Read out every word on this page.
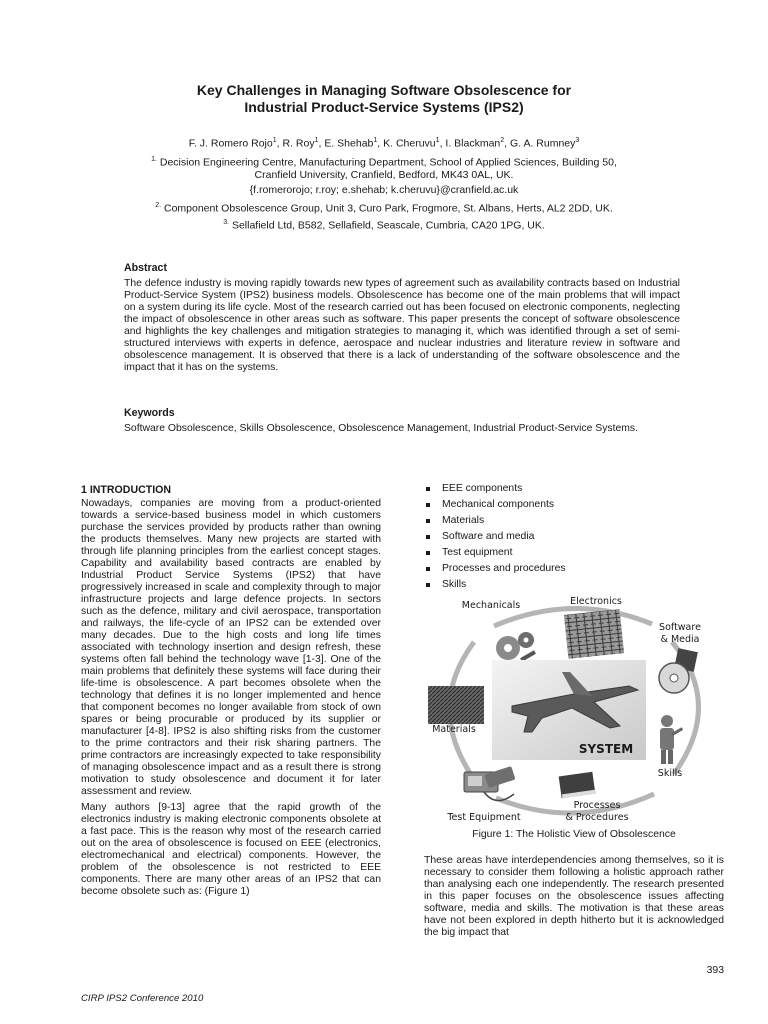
Key Challenges in Managing Software Obsolescence for
Industrial Product-Service Systems (IPS2)

F. J. Romero Rojo$^1$, R. Roy$^1$, E. Shehab$^1$, K. Cheruvu$^1$, I. Blackman$^2$, G. A. Rumney$^3$

$^{1.}$ Decision Engineering Centre, Manufacturing Department, School of Applied Sciences, Building 50,

Cranfield University, Cranfield, Bedford, MK43 0AL, UK.

{f.romerorojo; r.roy; e.shehab; k.cheruvu}@cranfield.ac.uk

$^{2.}$ Component Obsolescence Group, Unit 3, Curo Park, Frogmore, St. Albans, Herts, AL2 2DD, UK.

$^{3.}$ Sellafield Ltd, B582, Sellafield, Seascale, Cumbria, CA20 1PG, UK.

Abstract

The defence industry is moving rapidly towards new types of agreement such as availability contracts based on Industrial Product-Service System (IPS2) business models. Obsolescence has become one of the main problems that will impact on a system during its life cycle. Most of the research carried out has been focused on electronic components, neglecting the impact of obsolescence in other areas such as software. This paper presents the concept of software obsolescence and highlights the key challenges and mitigation strategies to managing it, which was identified through a set of semi-structured interviews with experts in defence, aerospace and nuclear industries and literature review in software and obsolescence management. It is observed that there is a lack of understanding of the software obsolescence and the impact that it has on the systems.

Keywords

Software Obsolescence, Skills Obsolescence, Obsolescence Management, Industrial Product-Service Systems.

1 INTRODUCTION

Nowadays, companies are moving from a product-oriented towards a service-based business model in which customers purchase the services provided by products rather than owning the products themselves. Many new projects are started with through life planning principles from the earliest concept stages. Capability and availability based contracts are enabled by Industrial Product Service Systems (IPS2) that have progressively increased in scale and complexity through to major infrastructure projects and large defence projects. In sectors such as the defence, military and civil aerospace, transportation and railways, the life-cycle of an IPS2 can be extended over many decades. Due to the high costs and long life times associated with technology insertion and design refresh, these systems often fall behind the technology wave [1-3]. One of the main problems that definitely these systems will face during their life-time is obsolescence. A part becomes obsolete when the technology that defines it is no longer implemented and hence that component becomes no longer available from stock of own spares or being procurable or produced by its supplier or manufacturer [4-8]. IPS2 is also shifting risks from the customer to the prime contractors and their risk sharing partners. The prime contractors are increasingly expected to take responsibility of managing obsolescence impact and as a result there is strong motivation to study obsolescence and document it for later assessment and review.

Many authors [9-13] agree that the rapid growth of the electronics industry is making electronic components obsolete at a fast pace. This is the reason why most of the research carried out on the area of obsolescence is focused on EEE (electronics, electromechanical and electrical) components. However, the problem of the obsolescence is not restricted to EEE components. There are many other areas of an IPS2 that can become obsolete such as: (Figure 1)

EEE components
Mechanical components
Materials
Software and media
Test equipment
Processes and procedures
Skills

These areas have interdependencies among themselves, so it is necessary to consider them following a holistic approach rather than analysing each one independently. The research presented in this paper focuses on the obsolescence issues affecting software, media and skills. The motivation is that these areas have not been explored in depth hitherto but it is acknowledged the big impact that

Mechanicals	Electronics
Software
& Media
Materials
SYSTEM
Skills
Test Equipment
Processes
& Procedures
Figure 1: The Holistic View of Obsolescence
393
CIRP IPS2 Conference 2010
